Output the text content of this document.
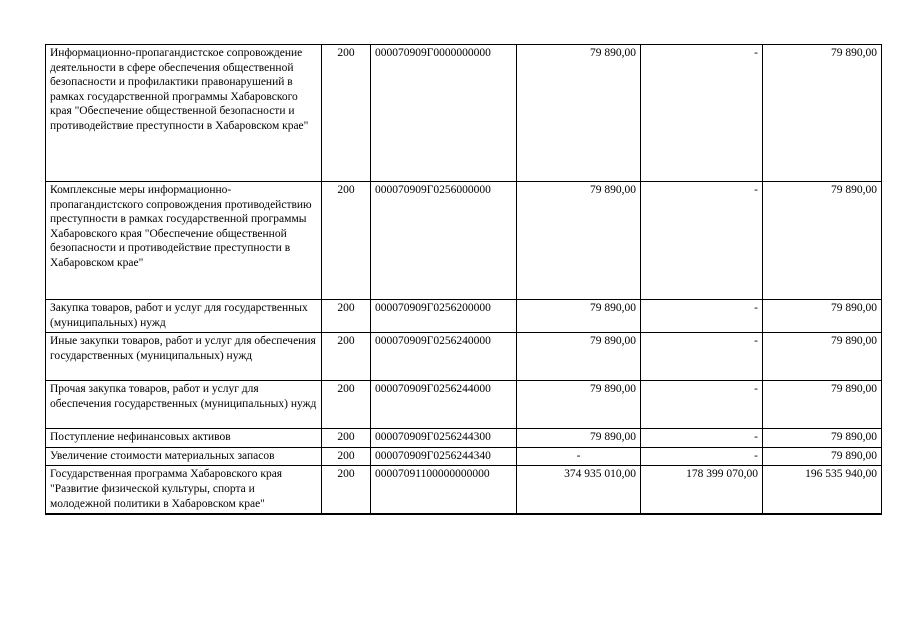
Информационно-пропагандистское сопровождение деятельности в сфере обеспечения общественной безопасности и профилактики правонарушений в рамках государственной программы Хабаровского края "Обеспечение общественной безопасности и противодействие преступности в Хабаровском крае"	200	000070909Г0000000000	79 890,00	-	79 890,00
Комплексные меры информационно-пропагандистского сопровождения противодействию преступности в рамках государственной программы Хабаровского края "Обеспечение общественной безопасности и противодействие преступности в Хабаровском крае"	200	000070909Г0256000000	79 890,00	-	79 890,00
Закупка товаров, работ и услуг для государственных (муниципальных) нужд	200	000070909Г0256200000	79 890,00	-	79 890,00
Иные закупки товаров, работ и услуг для обеспечения государственных (муниципальных) нужд	200	000070909Г0256240000	79 890,00	-	79 890,00
Прочая закупка товаров, работ и услуг для обеспечения государственных (муниципальных) нужд	200	000070909Г0256244000	79 890,00	-	79 890,00
Поступление нефинансовых активов	200	000070909Г0256244300	79 890,00	-	79 890,00
Увеличение стоимости материальных запасов	200	000070909Г0256244340	-	-	79 890,00
Государственная программа Хабаровского края "Развитие физической культуры, спорта и молодежной политики в Хабаровском крае"	200	00007091100000000000	374 935 010,00	178 399 070,00	196 535 940,00
